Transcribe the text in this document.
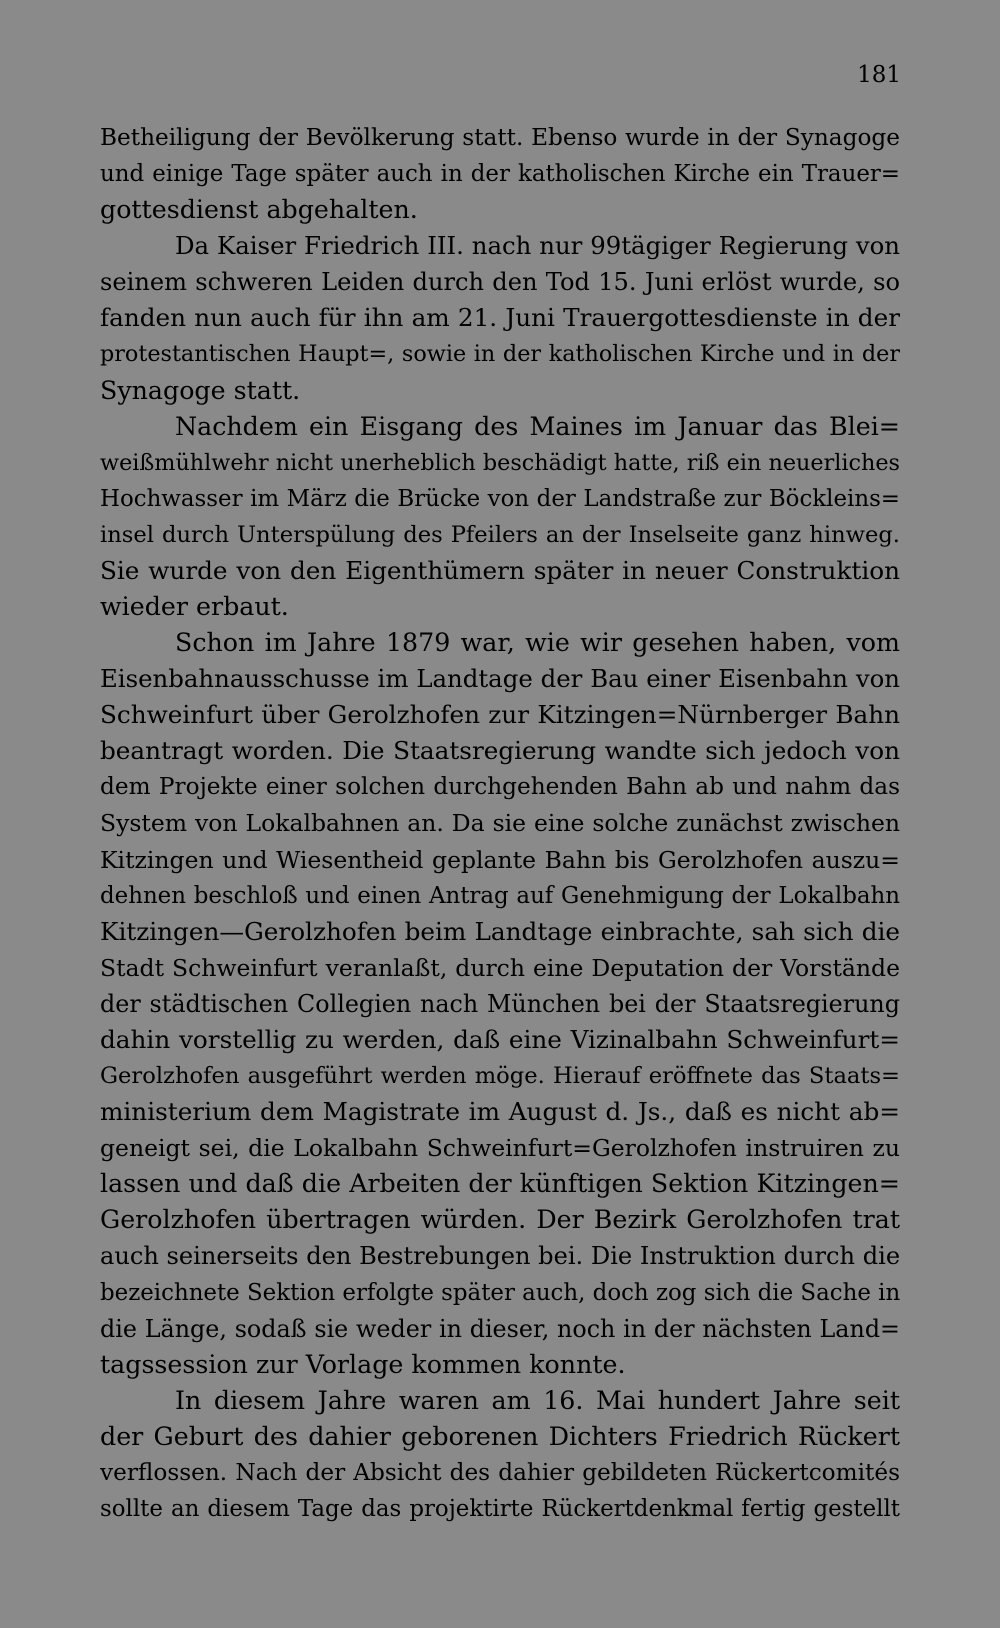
181
Betheiligung der Bevölkerung statt. Ebenso wurde in der Synagoge
und einige Tage später auch in der katholischen Kirche ein Trauer=
gottesdienst abgehalten.
Da Kaiser Friedrich III. nach nur 99tägiger Regierung von
seinem schweren Leiden durch den Tod 15. Juni erlöst wurde, so
fanden nun auch für ihn am 21. Juni Trauergottesdienste in der
protestantischen Haupt=, sowie in der katholischen Kirche und in der
Synagoge statt.
Nachdem ein Eisgang des Maines im Januar das Blei=
weißmühlwehr nicht unerheblich beschädigt hatte, riß ein neuerliches
Hochwasser im März die Brücke von der Landstraße zur Böckleins=
insel durch Unterspülung des Pfeilers an der Inselseite ganz hinweg.
Sie wurde von den Eigenthümern später in neuer Construktion
wieder erbaut.
Schon im Jahre 1879 war, wie wir gesehen haben, vom
Eisenbahnausschusse im Landtage der Bau einer Eisenbahn von
Schweinfurt über Gerolzhofen zur Kitzingen=Nürnberger Bahn
beantragt worden. Die Staatsregierung wandte sich jedoch von
dem Projekte einer solchen durchgehenden Bahn ab und nahm das
System von Lokalbahnen an. Da sie eine solche zunächst zwischen
Kitzingen und Wiesentheid geplante Bahn bis Gerolzhofen auszu=
dehnen beschloß und einen Antrag auf Genehmigung der Lokalbahn
Kitzingen—Gerolzhofen beim Landtage einbrachte, sah sich die
Stadt Schweinfurt veranlaßt, durch eine Deputation der Vorstände
der städtischen Collegien nach München bei der Staatsregierung
dahin vorstellig zu werden, daß eine Vizinalbahn Schweinfurt=
Gerolzhofen ausgeführt werden möge. Hierauf eröffnete das Staats=
ministerium dem Magistrate im August d. Js., daß es nicht ab=
geneigt sei, die Lokalbahn Schweinfurt=Gerolzhofen instruiren zu
lassen und daß die Arbeiten der künftigen Sektion Kitzingen=
Gerolzhofen übertragen würden. Der Bezirk Gerolzhofen trat
auch seinerseits den Bestrebungen bei. Die Instruktion durch die
bezeichnete Sektion erfolgte später auch, doch zog sich die Sache in
die Länge, sodaß sie weder in dieser, noch in der nächsten Land=
tagssession zur Vorlage kommen konnte.
In diesem Jahre waren am 16. Mai hundert Jahre seit
der Geburt des dahier geborenen Dichters Friedrich Rückert
verflossen. Nach der Absicht des dahier gebildeten Rückertcomités
sollte an diesem Tage das projektirte Rückertdenkmal fertig gestellt
